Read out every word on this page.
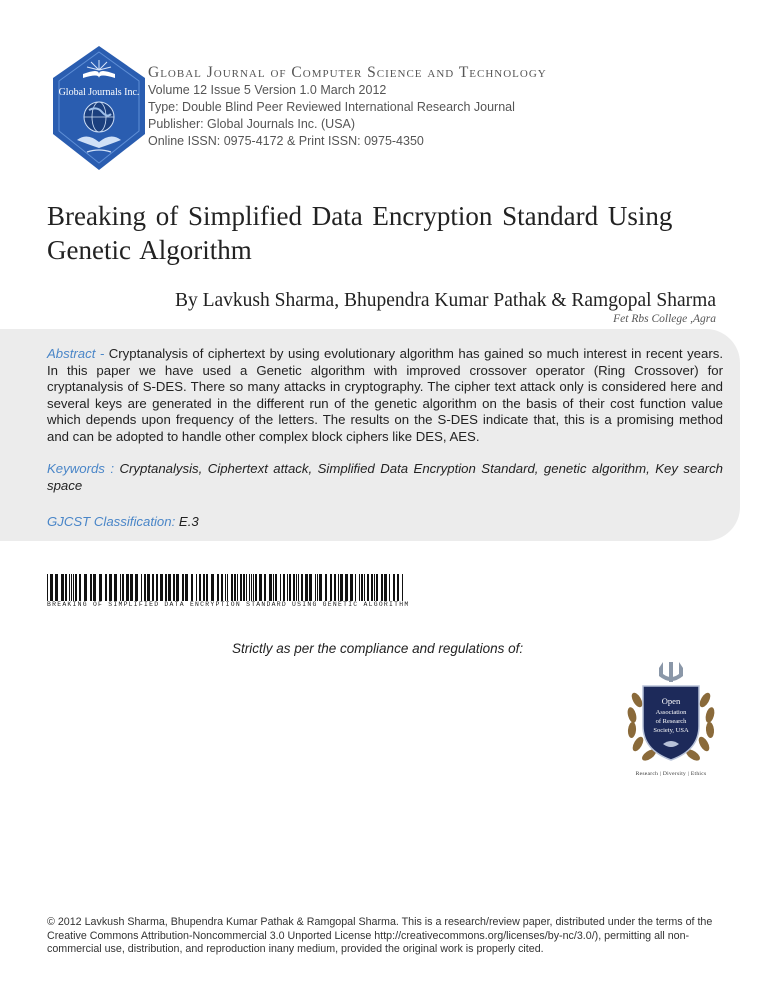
Global Journals Inc.
Global Journal of Computer Science and Technology
Volume 12 Issue 5 Version 1.0 March 2012
Type: Double Blind Peer Reviewed International Research Journal
Publisher: Global Journals Inc. (USA)
Online ISSN: 0975-4172 & Print ISSN: 0975-4350
Breaking of Simplified Data Encryption Standard Using Genetic Algorithm
By Lavkush Sharma, Bhupendra Kumar Pathak & Ramgopal Sharma
Fet Rbs College ,Agra
Abstract - Cryptanalysis of ciphertext by using evolutionary algorithm has gained so much interest in recent years. In this paper we have used a Genetic algorithm with improved crossover operator (Ring Crossover) for cryptanalysis of S-DES. There so many attacks in cryptography. The cipher text attack only is considered here and several keys are generated in the different run of the genetic algorithm on the basis of their cost function value which depends upon frequency of the letters. The results on the S-DES indicate that, this is a promising method and can be adopted to handle other complex block ciphers like DES, AES.
Keywords : Cryptanalysis, Ciphertext attack, Simplified Data Encryption Standard, genetic algorithm, Key search space
GJCST Classification: E.3
BREAKING OF SIMPLIFIED DATA ENCRYPTION STANDARD USING GENETIC ALGORITHM
Strictly as per the compliance and regulations of:
Open
Association
of Research
Society, USA
Research | Diversity | Ethics
© 2012 Lavkush Sharma, Bhupendra Kumar Pathak & Ramgopal Sharma. This is a research/review paper, distributed under the terms of the Creative Commons Attribution-Noncommercial 3.0 Unported License http://creativecommons.org/licenses/by-nc/3.0/), permitting all non-commercial use, distribution, and reproduction inany medium, provided the original work is properly cited.
